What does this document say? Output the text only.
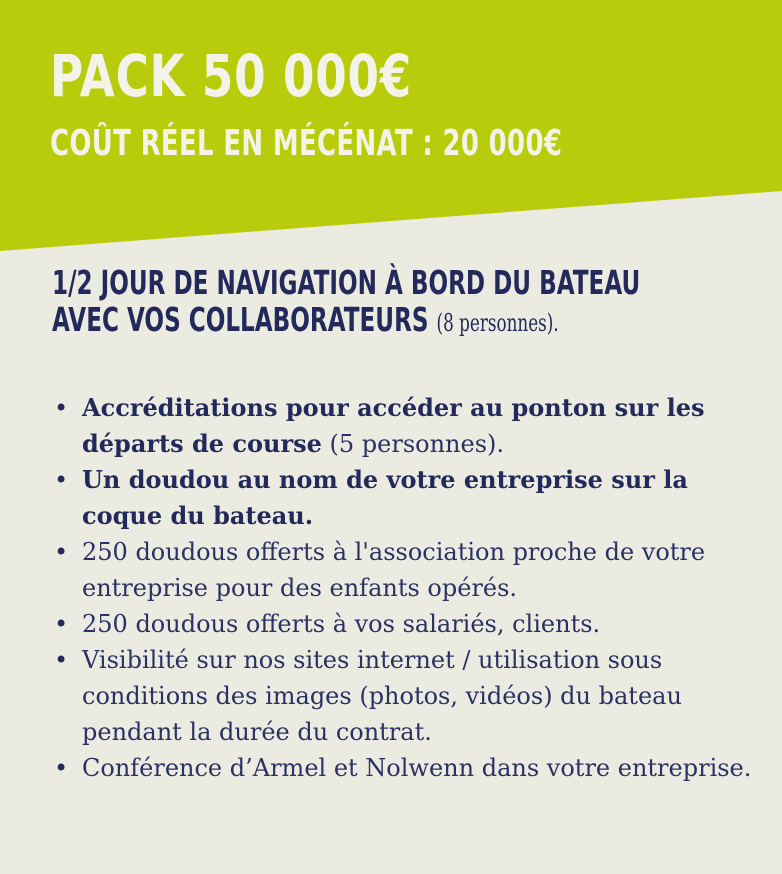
PACK 50 000€
COÛT RÉEL EN MÉCÉNAT : 20 000€
1/2 JOUR DE NAVIGATION À BORD DU BATEAU
AVEC VOS COLLABORATEURS (8 personnes).
• Accréditations pour accéder au ponton sur les départs de course (5 personnes).
• Un doudou au nom de votre entreprise sur la coque du bateau.
• 250 doudous offerts à l'association proche de votre entreprise pour des enfants opérés.
• 250 doudous offerts à vos salariés, clients.
• Visibilité sur nos sites internet / utilisation sous conditions des images (photos, vidéos) du bateau pendant la durée du contrat.
• Conférence d’Armel et Nolwenn dans votre entreprise.
